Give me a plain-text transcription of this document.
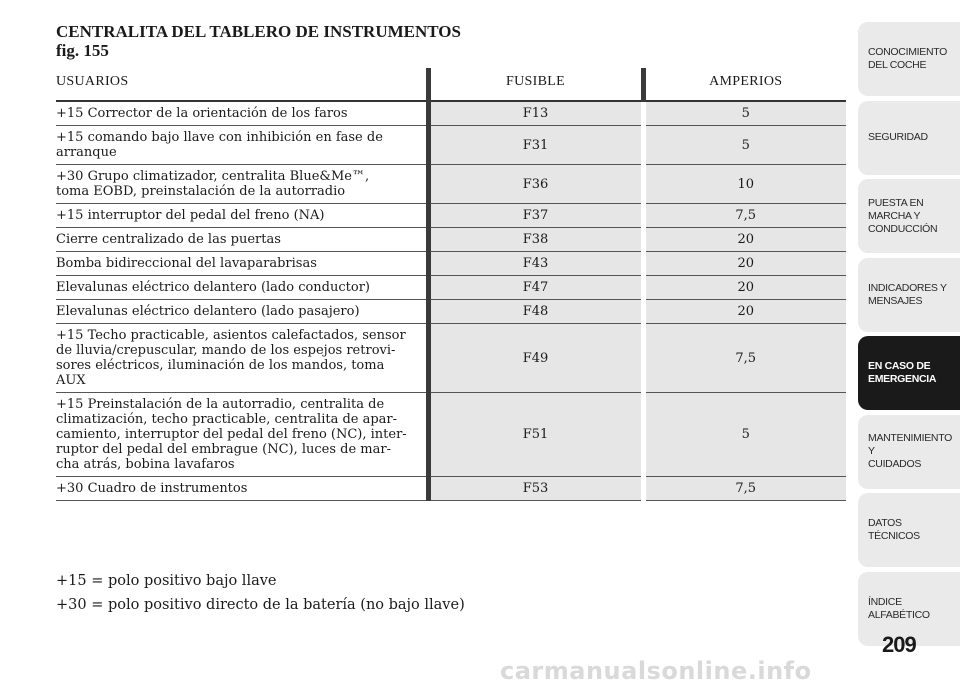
CENTRALITA DEL TABLERO DE INSTRUMENTOS
fig. 155
USUARIOS	FUSIBLE	AMPERIOS

+15 Corrector de la orientación de los faros	F13	5

+15 comando bajo llave con inhibición en fase de
arranque	F31	5

+30 Grupo climatizador, centralita Blue&Me™,
toma EOBD, preinstalación de la autorradio	F36	10

+15 interruptor del pedal del freno (NA)	F37	7,5

Cierre centralizado de las puertas	F38	20

Bomba bidireccional del lavaparabrisas	F43	20

Elevalunas eléctrico delantero (lado conductor)	F47	20

Elevalunas eléctrico delantero (lado pasajero)	F48	20

+15 Techo practicable, asientos calefactados, sensor
de lluvia/crepuscular, mando de los espejos retrovi-
sores eléctricos, iluminación de los mandos, toma
AUX	F49	7,5

+15 Preinstalación de la autorradio, centralita de
climatización, techo practicable, centralita de apar-
camiento, interruptor del pedal del freno (NC), inter-
ruptor del pedal del embrague (NC), luces de mar-
cha atrás, bobina lavafaros	F51	5

+30 Cuadro de instrumentos	F53	7,5
+15 = polo positivo bajo llave
+30 = polo positivo directo de la batería (no bajo llave)
CONOCIMIENTO
DEL COCHE
SEGURIDAD
PUESTA EN
MARCHA Y
CONDUCCIÓN
INDICADORES Y
MENSAJES
EN CASO DE
EMERGENCIA
MANTENIMIENTO Y
CUIDADOS
DATOS TÉCNICOS
ÍNDICE
ALFABÉTICO
209
carmanualsonline.info
